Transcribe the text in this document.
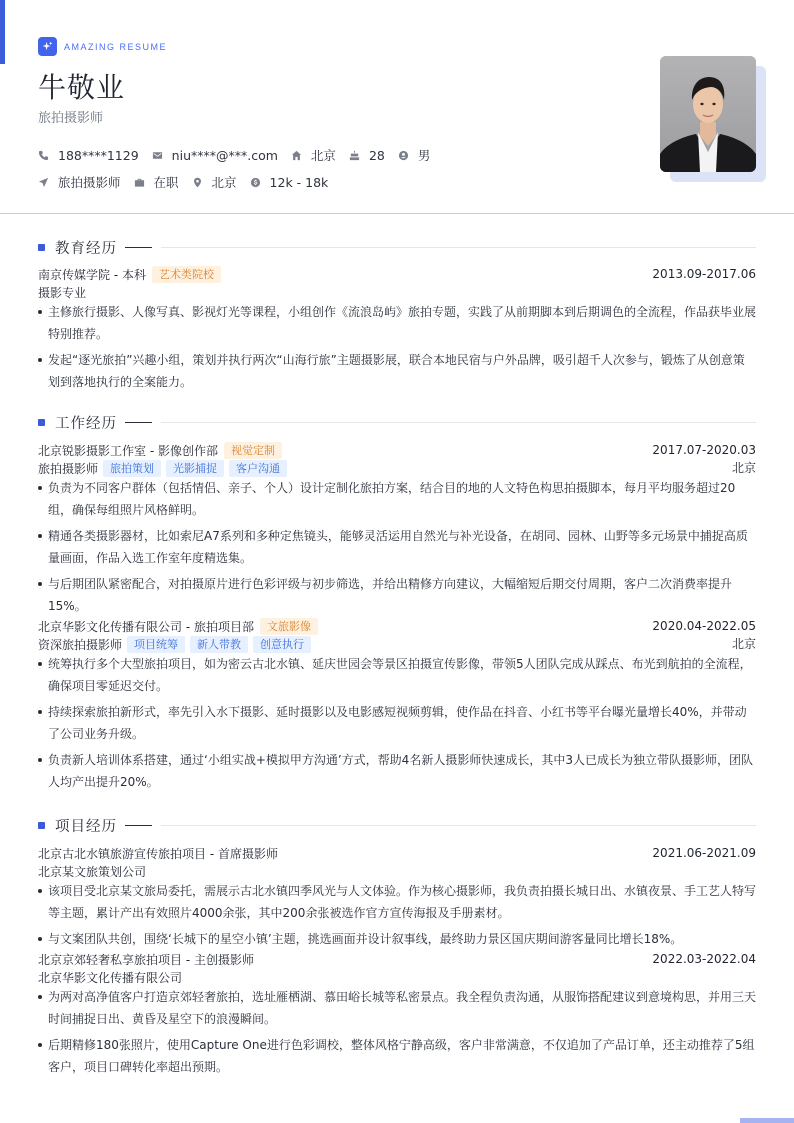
AMAZING RESUME
牛敬业
旅拍摄影师
188****1129	niu****@***.com	北京	28	男
旅拍摄影师	在职	北京	12k - 18k
教育经历
南京传媒学院 - 本科	艺术类院校	2013.09-2017.06
摄影专业
主修旅行摄影、人像写真、影视灯光等课程，小组创作《流浪岛屿》旅拍专题，实践了从前期脚本到后期调色的全流程，作品获毕业展特别推荐。
发起“逐光旅拍”兴趣小组，策划并执行两次“山海行旅”主题摄影展，联合本地民宿与户外品牌，吸引超千人次参与，锻炼了从创意策划到落地执行的全案能力。
工作经历
北京锐影摄影工作室 - 影像创作部	视觉定制	2017.07-2020.03
旅拍摄影师	旅拍策划	光影捕捉	客户沟通	北京
负责为不同客户群体（包括情侣、亲子、个人）设计定制化旅拍方案，结合目的地的人文特色构思拍摄脚本，每月平均服务超过20组，确保每组照片风格鲜明。
精通各类摄影器材，比如索尼A7系列和多种定焦镜头，能够灵活运用自然光与补光设备，在胡同、园林、山野等多元场景中捕捉高质量画面，作品入选工作室年度精选集。
与后期团队紧密配合，对拍摄原片进行色彩评级与初步筛选，并给出精修方向建议，大幅缩短后期交付周期，客户二次消费率提升15%。
北京华影文化传播有限公司 - 旅拍项目部	文旅影像	2020.04-2022.05
资深旅拍摄影师	项目统筹	新人带教	创意执行	北京
统筹执行多个大型旅拍项目，如为密云古北水镇、延庆世园会等景区拍摄宣传影像，带领5人团队完成从踩点、布光到航拍的全流程，确保项目零延迟交付。
持续探索旅拍新形式，率先引入水下摄影、延时摄影以及电影感短视频剪辑，使作品在抖音、小红书等平台曝光量增长40%，并带动了公司业务升级。
负责新人培训体系搭建，通过‘小组实战+模拟甲方沟通’方式，帮助4名新人摄影师快速成长，其中3人已成长为独立带队摄影师，团队人均产出提升20%。
项目经历
北京古北水镇旅游宣传旅拍项目 - 首席摄影师	2021.06-2021.09
北京某文旅策划公司
该项目受北京某文旅局委托，需展示古北水镇四季风光与人文体验。作为核心摄影师，我负责拍摄长城日出、水镇夜景、手工艺人特写等主题，累计产出有效照片4000余张，其中200余张被选作官方宣传海报及手册素材。
与文案团队共创，围绕‘长城下的星空小镇’主题，挑选画面并设计叙事线，最终助力景区国庆期间游客量同比增长18%。
北京京郊轻奢私享旅拍项目 - 主创摄影师	2022.03-2022.04
北京华影文化传播有限公司
为两对高净值客户打造京郊轻奢旅拍，选址雁栖湖、慕田峪长城等私密景点。我全程负责沟通，从服饰搭配建议到意境构思，并用三天时间捕捉日出、黄昏及星空下的浪漫瞬间。
后期精修180张照片，使用Capture One进行色彩调校，整体风格宁静高级，客户非常满意，不仅追加了产品订单，还主动推荐了5组客户，项目口碑转化率超出预期。
